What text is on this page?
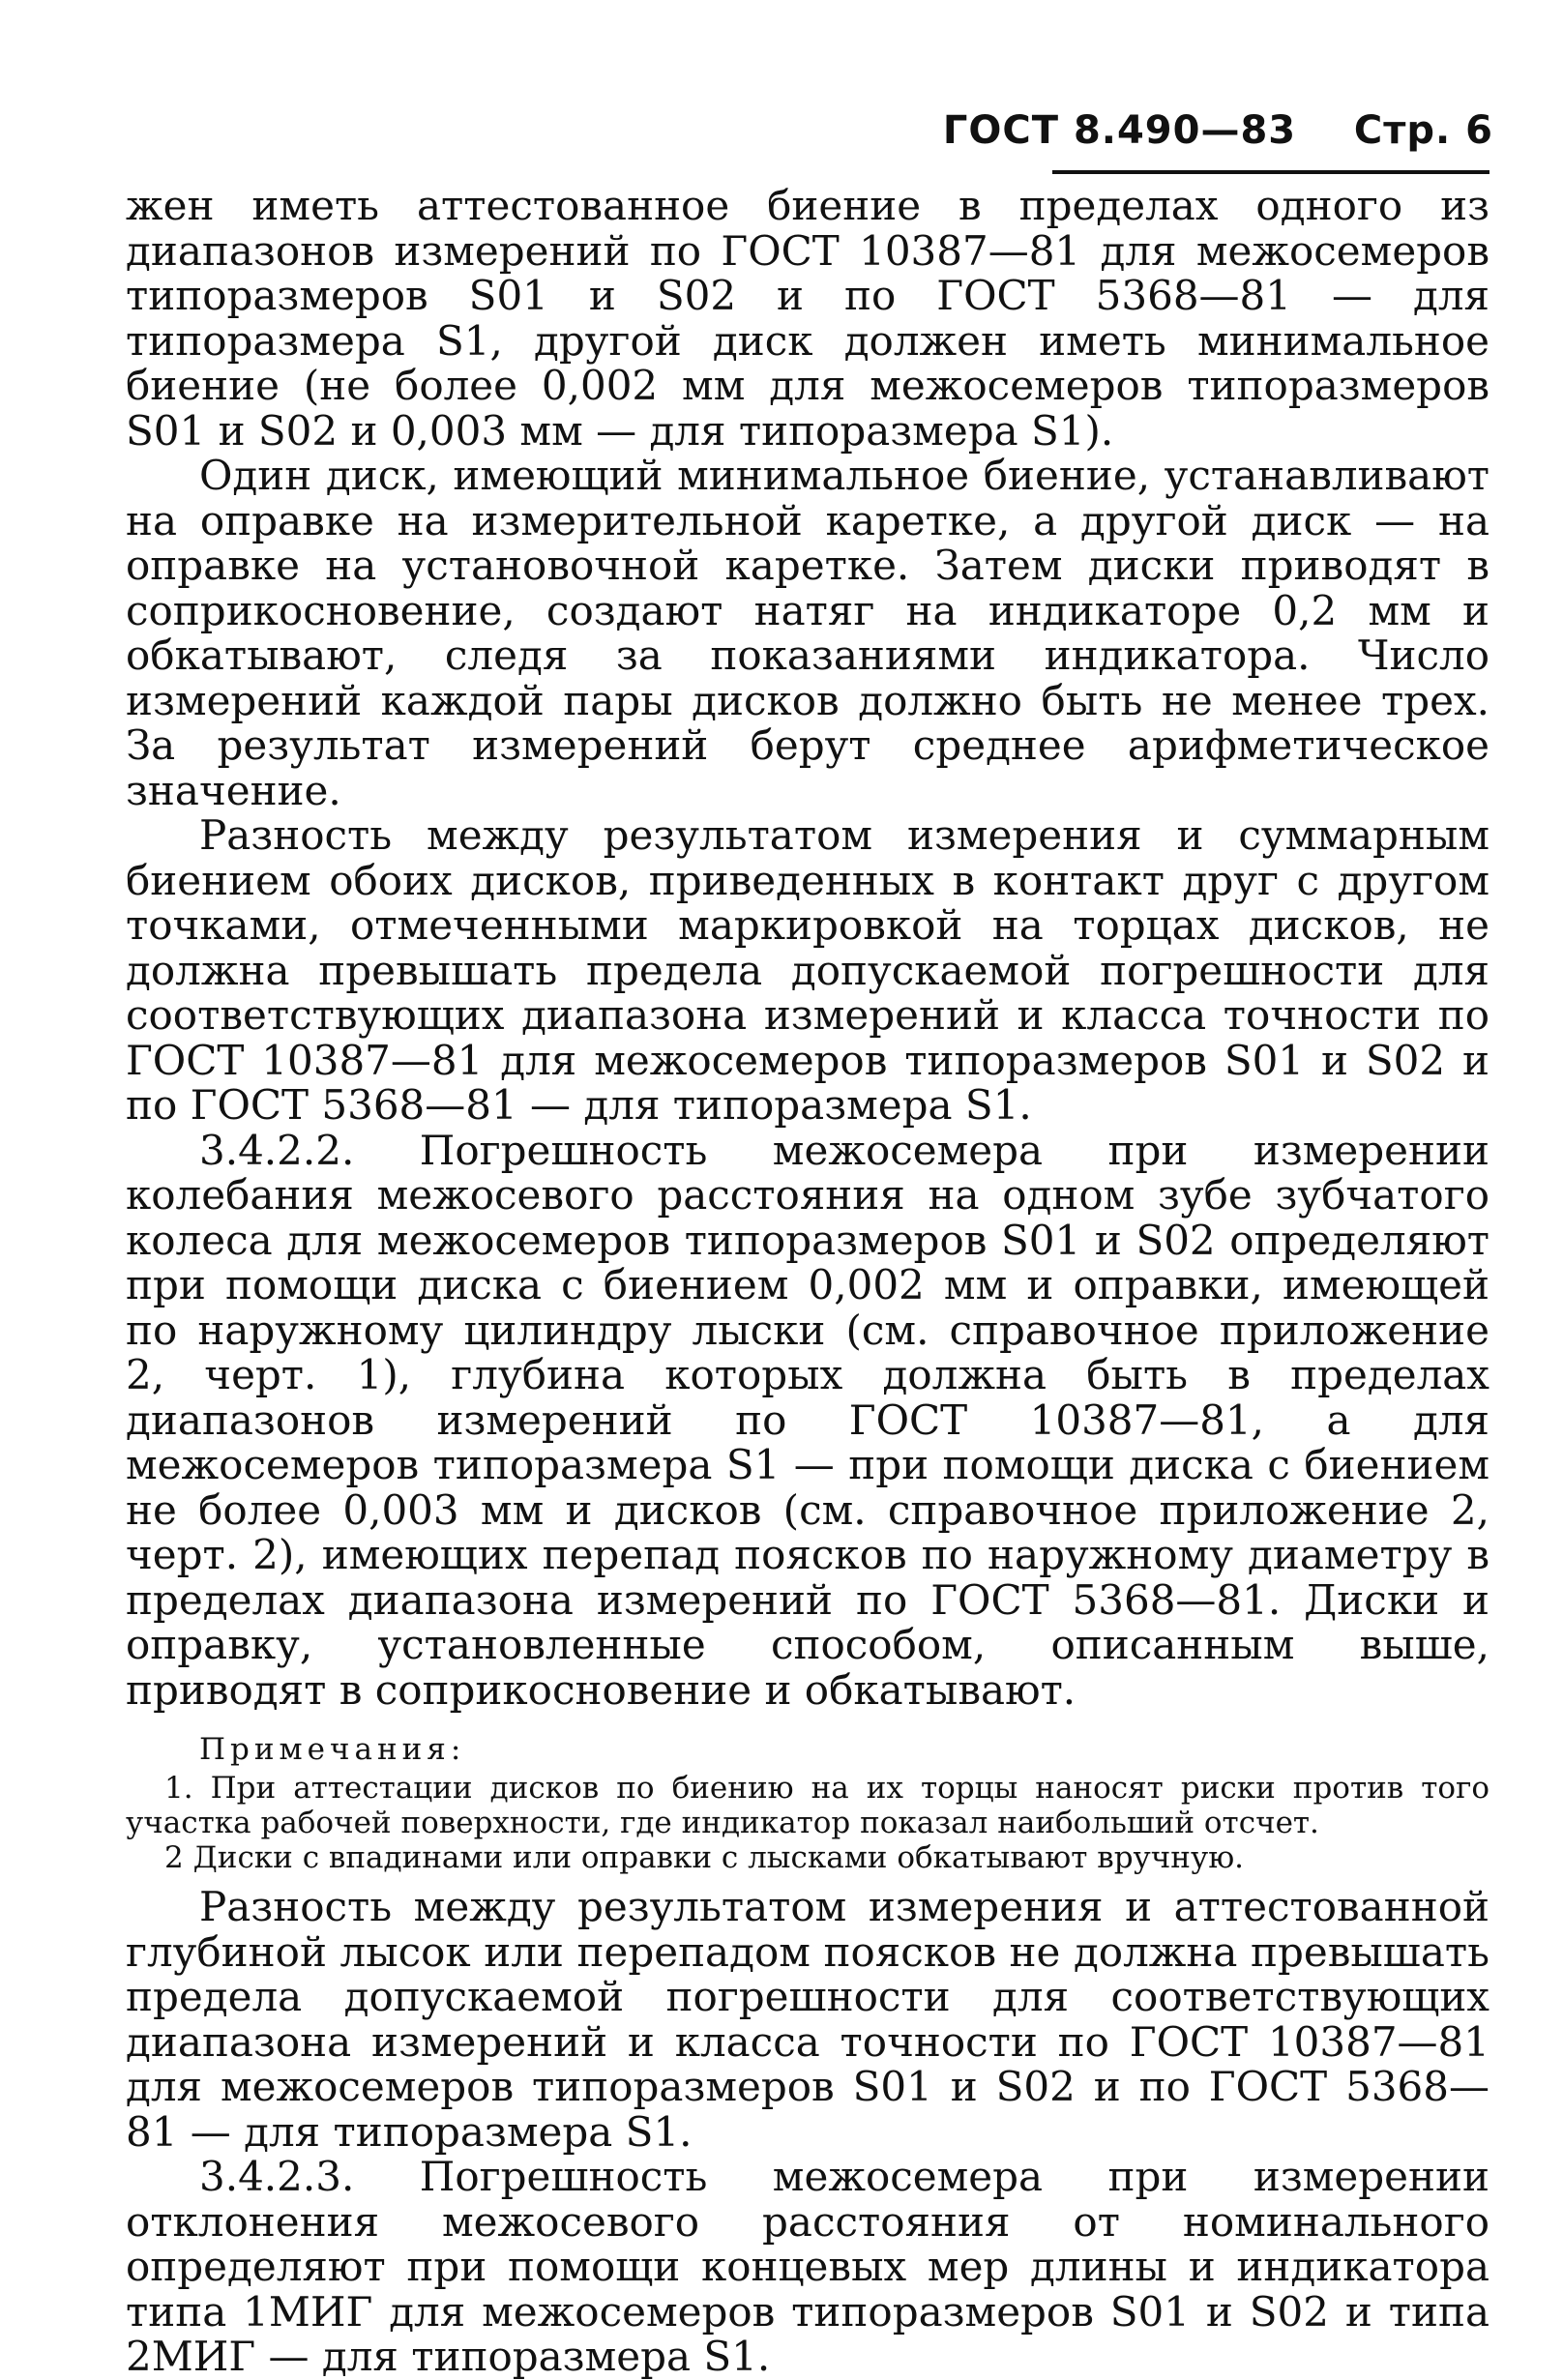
ГОСТ 8.490—83 Стр. 6

жен иметь аттестованное биение в пределах одного из диапазонов измерений по ГОСТ 10387—81 для межосемеров типоразмеров S01 и S02 и по ГОСТ 5368—81 — для типоразмера S1, другой диск должен иметь минимальное биение (не более 0,002 мм для межосемеров типоразмеров S01 и S02 и 0,003 мм — для типоразмера S1).

Один диск, имеющий минимальное биение, устанавливают на оправке на измерительной каретке, а другой диск — на оправке на установочной каретке. Затем диски приводят в соприкосновение, создают натяг на индикаторе 0,2 мм и обкатывают, следя за показаниями индикатора. Число измерений каждой пары дисков должно быть не менее трех. За результат измерений берут среднее арифметическое значение.

Разность между результатом измерения и суммарным биением обоих дисков, приведенных в контакт друг с другом точками, отмеченными маркировкой на торцах дисков, не должна превышать предела допускаемой погрешности для соответствующих диапазона измерений и класса точности по ГОСТ 10387—81 для межосемеров типоразмеров S01 и S02 и по ГОСТ 5368—81 — для типоразмера S1.

3.4.2.2. Погрешность межосемера при измерении колебания межосевого расстояния на одном зубе зубчатого колеса для межосемеров типоразмеров S01 и S02 определяют при помощи диска с биением 0,002 мм и оправки, имеющей по наружному цилиндру лыски (см. справочное приложение 2, черт. 1), глубина которых должна быть в пределах диапазонов измерений по ГОСТ 10387—81, а для межосемеров типоразмера S1 — при помощи диска с биением не более 0,003 мм и дисков (см. справочное приложение 2, черт. 2), имеющих перепад поясков по наружному диаметру в пределах диапазона измерений по ГОСТ 5368—81. Диски и оправку, установленные способом, описанным выше, приводят в соприкосновение и обкатывают.

Примечания:

1. При аттестации дисков по биению на их торцы наносят риски против того участка рабочей поверхности, где индикатор показал наибольший отсчет.

2 Диски с впадинами или оправки с лысками обкатывают вручную.

Разность между результатом измерения и аттестованной глубиной лысок или перепадом поясков не должна превышать предела допускаемой погрешности для соответствующих диапазона измерений и класса точности по ГОСТ 10387—81 для межосемеров типоразмеров S01 и S02 и по ГОСТ 5368—81 — для типоразмера S1.

3.4.2.3. Погрешность межосемера при измерении отклонения межосевого расстояния от номинального определяют при помощи концевых мер длины и индикатора типа 1МИГ для межосемеров типоразмеров S01 и S02 и типа 2МИГ — для типоразмера S1.
